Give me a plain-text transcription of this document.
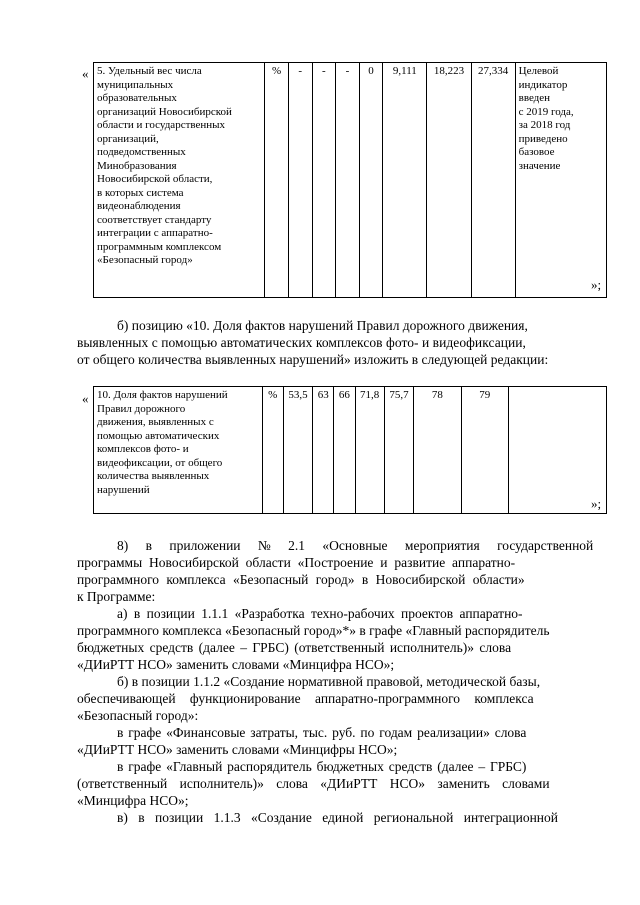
« 5. Удельный вес числа
муниципальных
образовательных
организаций Новосибирской
области и государственных
организаций,
подведомственных
Минобразования
Новосибирской области,
в которых система
видеонаблюдения
соответствует стандарту
интеграции с аппаратно-
программным комплексом
«Безопасный город»
	%	-	-	-	0	9,111	18,223	27,334	Целевой
индикатор
введен
с 2019 года,
за 2018 год
приведено
базовое
значение
»;
б) позицию «10. Доля фактов нарушений Правил дорожного движения,
выявленных с помощью автоматических комплексов фото- и видеофиксации,
от общего количества выявленных нарушений» изложить в следующей редакции:
« 10. Доля фактов нарушений
Правил дорожного
движения, выявленных с
помощью автоматических
комплексов фото- и
видеофиксации, от общего
количества выявленных
нарушений
	%	53,5	63	66	71,8	75,7	78	79	
»;
8) в приложении № 2.1 «Основные мероприятия государственной
программы Новосибирской области «Построение и развитие аппаратно-
программного комплекса «Безопасный город» в Новосибирской области»
к Программе:
а) в позиции 1.1.1 «Разработка техно-рабочих проектов аппаратно-
программного комплекса «Безопасный город»*» в графе «Главный распорядитель
бюджетных средств (далее – ГРБС) (ответственный исполнитель)» слова
«ДИиРТТ НСО» заменить словами «Минцифра НСО»;
б) в позиции 1.1.2 «Создание нормативной правовой, методической базы,
обеспечивающей функционирование аппаратно-программного комплекса
«Безопасный город»:
в графе «Финансовые затраты, тыс. руб. по годам реализации» слова
«ДИиРТТ НСО» заменить словами «Минцифры НСО»;
в графе «Главный распорядитель бюджетных средств (далее – ГРБС)
(ответственный исполнитель)» слова «ДИиРТТ НСО» заменить словами
«Минцифра НСО»;
в) в позиции 1.1.3 «Создание единой региональной интеграционной
